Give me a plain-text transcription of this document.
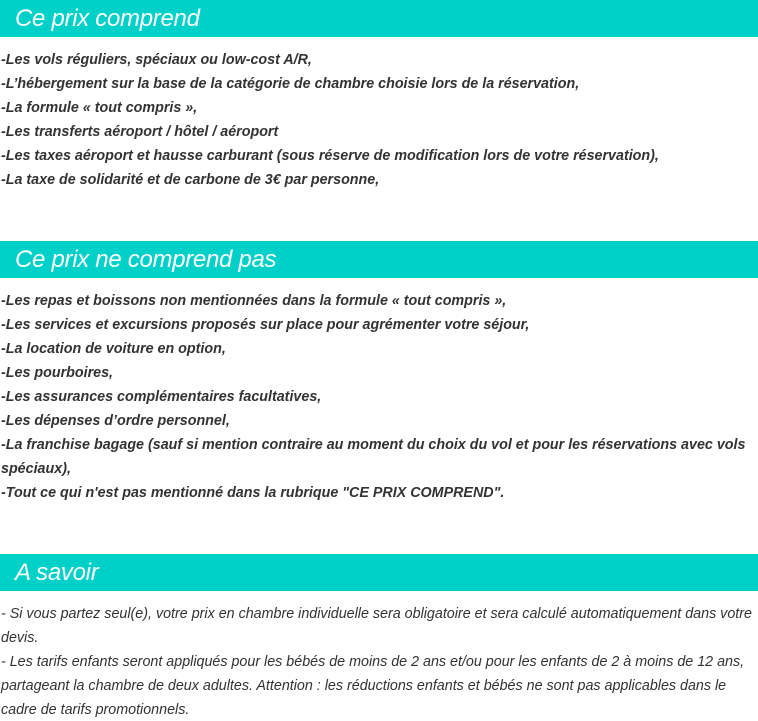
Ce prix comprend
-Les vols réguliers, spéciaux ou low-cost A/R,
-L’hébergement sur la base de la catégorie de chambre choisie lors de la réservation,
-La formule « tout compris »,
-Les transferts aéroport / hôtel / aéroport
-Les taxes aéroport et hausse carburant (sous réserve de modification lors de votre réservation),
-La taxe de solidarité et de carbone de 3€ par personne,
Ce prix ne comprend pas
-Les repas et boissons non mentionnées dans la formule « tout compris »,
-Les services et excursions proposés sur place pour agrémenter votre séjour,
-La location de voiture en option,
-Les pourboires,
-Les assurances complémentaires facultatives,
-Les dépenses d’ordre personnel,
-La franchise bagage (sauf si mention contraire au moment du choix du vol et pour les réservations avec vols spéciaux),
-Tout ce qui n'est pas mentionné dans la rubrique "CE PRIX COMPREND".
A savoir
- Si vous partez seul(e), votre prix en chambre individuelle sera obligatoire et sera calculé automatiquement dans votre devis.
- Les tarifs enfants seront appliqués pour les bébés de moins de 2 ans et/ou pour les enfants de 2 à moins de 12 ans, partageant la chambre de deux adultes. Attention : les réductions enfants et bébés ne sont pas applicables dans le cadre de tarifs promotionnels.
